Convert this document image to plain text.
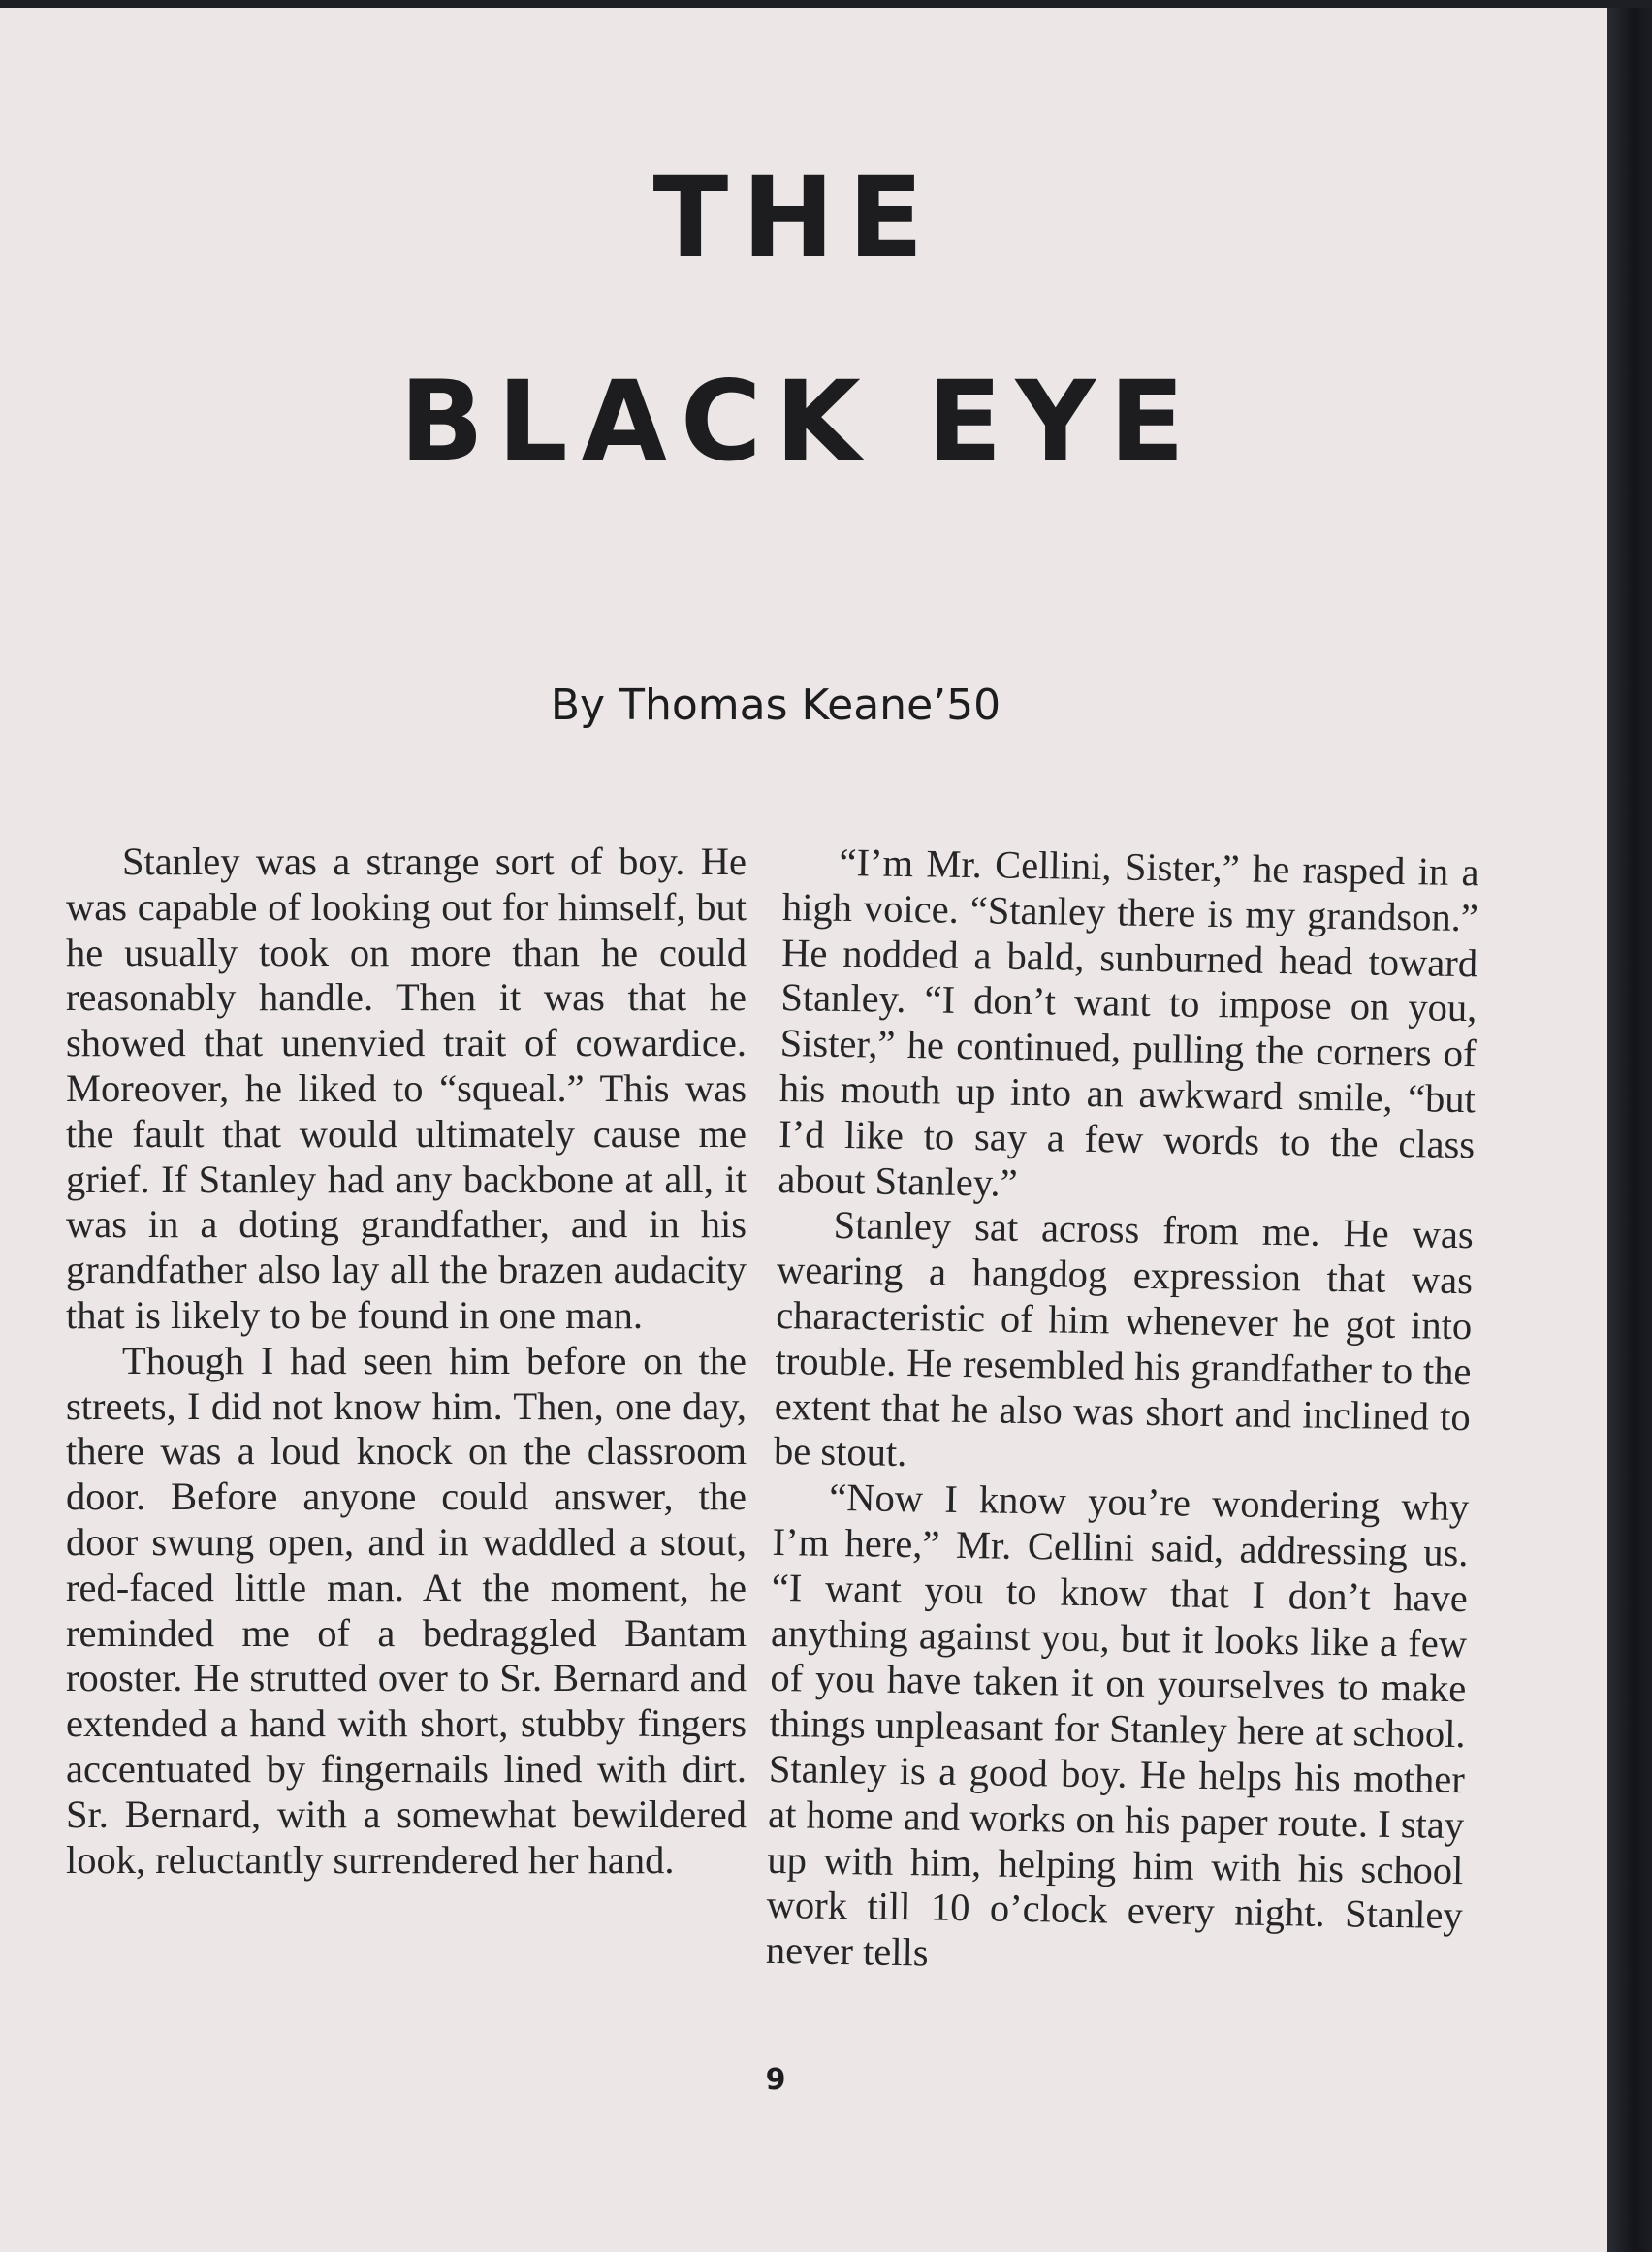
THE
BLACK EYE

By Thomas Keane’50

Stanley was a strange sort of boy. He was capable of looking out for himself, but he usually took on more than he could reasonably handle. Then it was that he showed that unenvied trait of cowardice. Moreover, he liked to “squeal.” This was the fault that would ultimately cause me grief. If Stanley had any backbone at all, it was in a doting grandfather, and in his grandfather also lay all the brazen audacity that is likely to be found in one man.

Though I had seen him before on the streets, I did not know him. Then, one day, there was a loud knock on the classroom door. Before anyone could answer, the door swung open, and in waddled a stout, red-faced little man. At the moment, he reminded me of a bedraggled Bantam rooster. He strutted over to Sr. Bernard and extended a hand with short, stubby fingers accentuated by fingernails lined with dirt. Sr. Bernard, with a somewhat bewildered look, reluctantly surrendered her hand.

“I’m Mr. Cellini, Sister,” he rasped in a high voice. “Stanley there is my grandson.” He nodded a bald, sunburned head toward Stanley. “I don’t want to impose on you, Sister,” he continued, pulling the corners of his mouth up into an awkward smile, “but I’d like to say a few words to the class about Stanley.”

Stanley sat across from me. He was wearing a hangdog expression that was characteristic of him whenever he got into trouble. He resembled his grandfather to the extent that he also was short and inclined to be stout.

“Now I know you’re wondering why I’m here,” Mr. Cellini said, addressing us. “I want you to know that I don’t have anything against you, but it looks like a few of you have taken it on yourselves to make things unpleasant for Stanley here at school. Stanley is a good boy. He helps his mother at home and works on his paper route. I stay up with him, helping him with his school work till 10 o’clock every night. Stanley never tells

9
